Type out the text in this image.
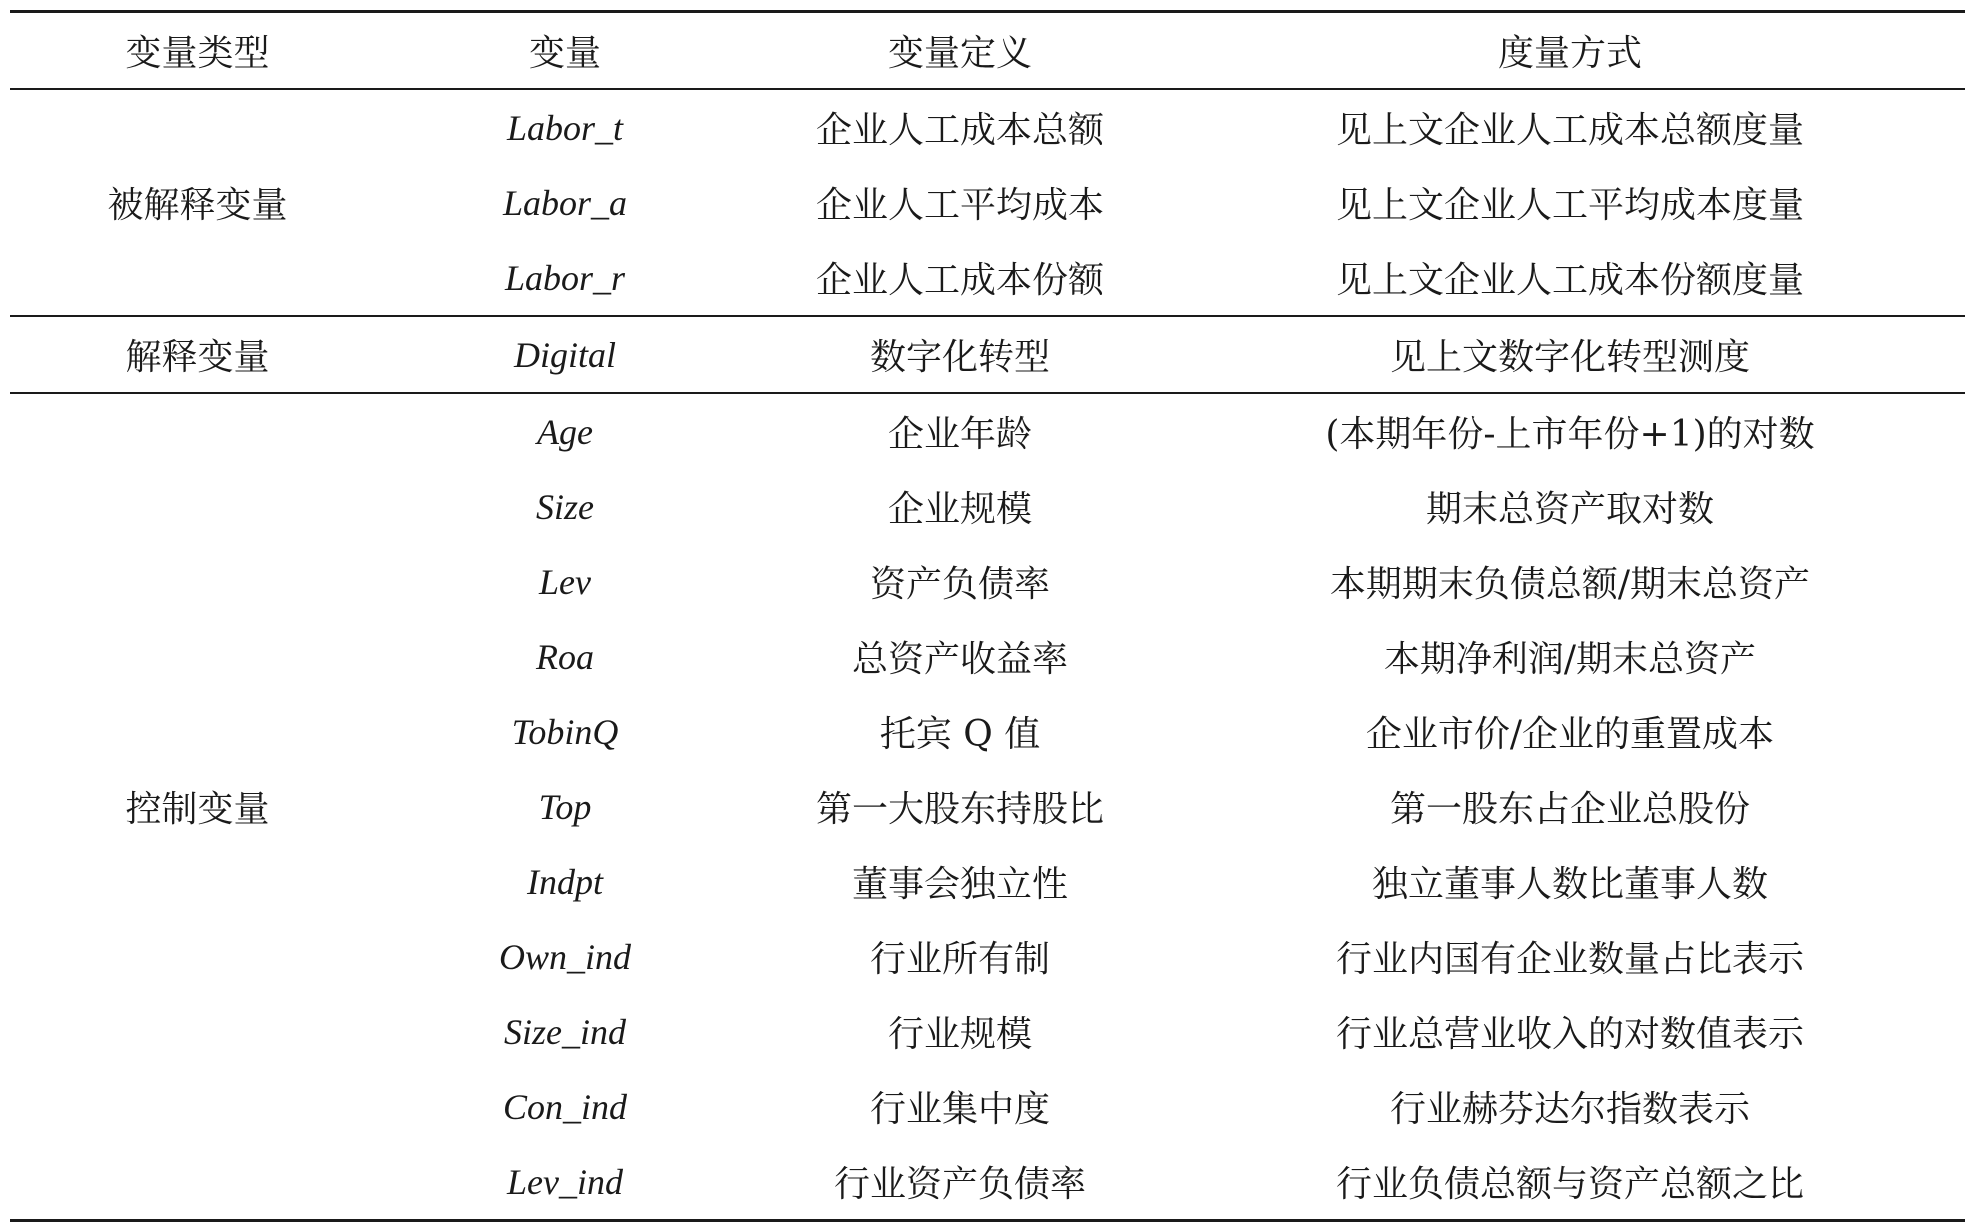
变量类型	变量	变量定义	度量方式
被解释变量	Labor_t	企业人工成本总额	见上文企业人工成本总额度量
	Labor_a	企业人工平均成本	见上文企业人工平均成本度量
	Labor_r	企业人工成本份额	见上文企业人工成本份额度量
解释变量	Digital	数字化转型	见上文数字化转型测度
控制变量	Age	企业年龄	(本期年份-上市年份+1)的对数
	Size	企业规模	期末总资产取对数
	Lev	资产负债率	本期期末负债总额/期末总资产
	Roa	总资产收益率	本期净利润/期末总资产
	TobinQ	托宾 Q 值	企业市价/企业的重置成本
	Top	第一大股东持股比	第一股东占企业总股份
	Indpt	董事会独立性	独立董事人数比董事人数
	Own_ind	行业所有制	行业内国有企业数量占比表示
	Size_ind	行业规模	行业总营业收入的对数值表示
	Con_ind	行业集中度	行业赫芬达尔指数表示
	Lev_ind	行业资产负债率	行业负债总额与资产总额之比
